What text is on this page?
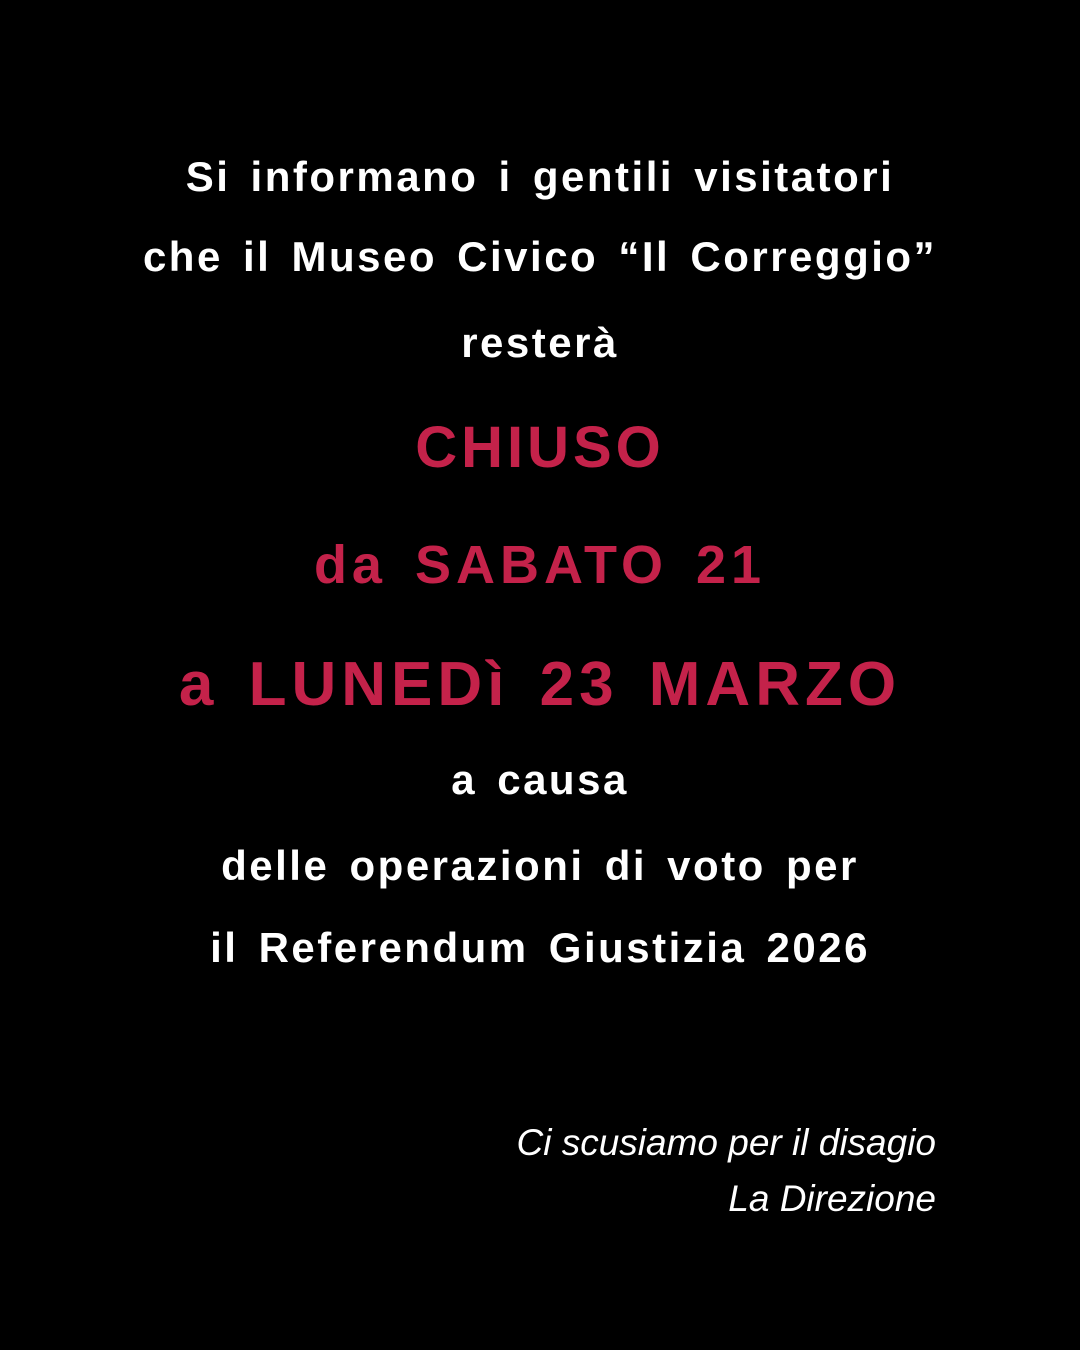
Si informano i gentili visitatori
che il Museo Civico “Il Correggio”
resterà
CHIUSO
da SABATO 21
a LUNEDì 23 MARZO
a causa
delle operazioni di voto per
il Referendum Giustizia 2026
Ci scusiamo per il disagio
La Direzione
